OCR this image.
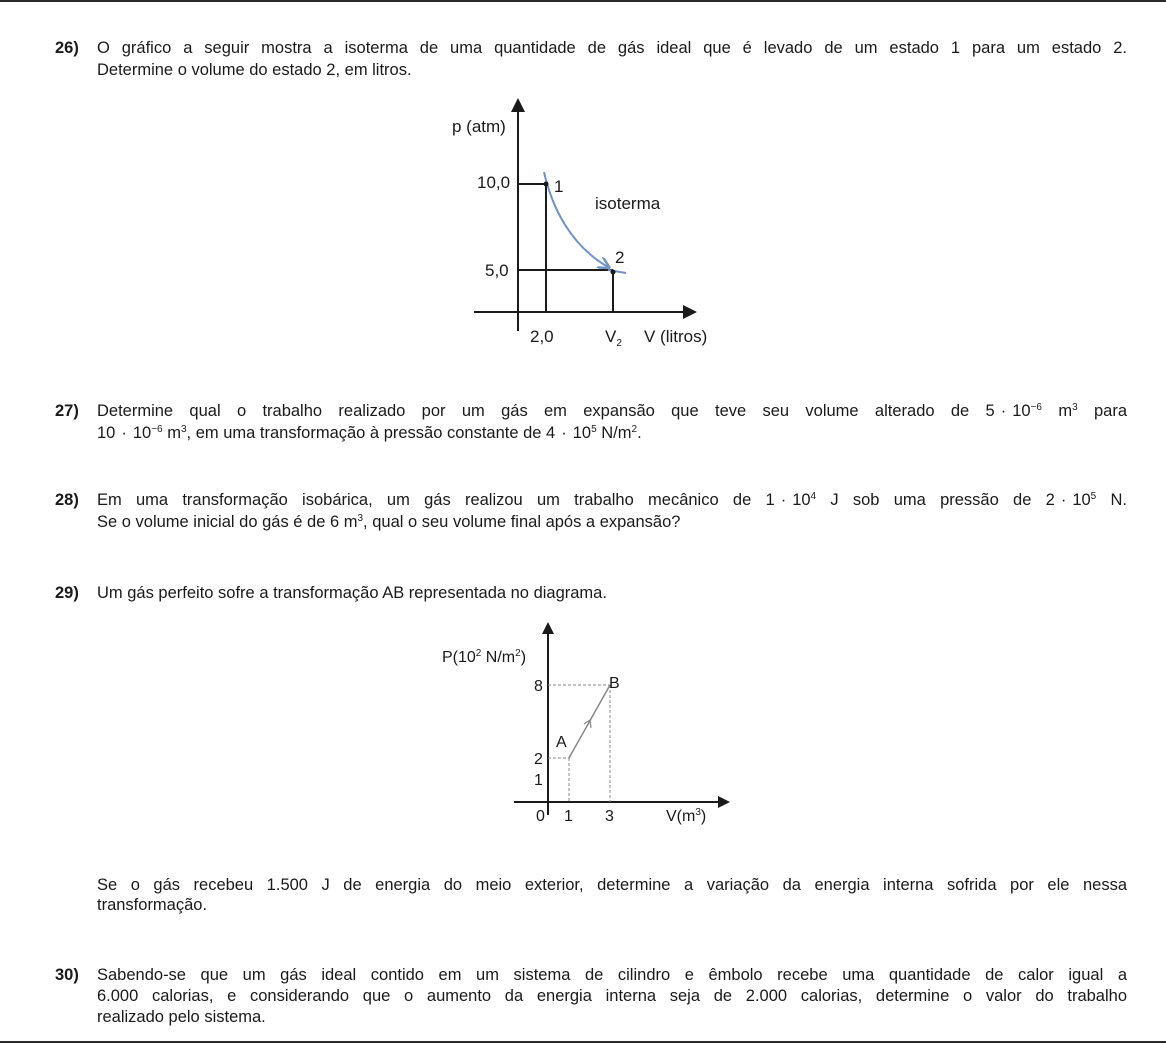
26) O gráfico a seguir mostra a isoterma de uma quantidade de gás ideal que é levado de um estado 1 para um estado 2.
Determine o volume do estado 2, em litros.
p (atm)
10,0
5,0
2,0	$V_2$ V (litros)
1
2
isoterma
27) Determine qual o trabalho realizado por um gás em expansão que teve seu volume alterado de $5 \cdot 10^{-6}$ $m^3$ para
$10 \cdot 10^{-6}$ $m^3$, em uma transformação à pressão constante de $4 \cdot 10^5$ $N/m^2$.
28) Em uma transformação isobárica, um gás realizou um trabalho mecânico de $1 \cdot 10^4$ J sob uma pressão de $2 \cdot 10^5$ N.
Se o volume inicial do gás é de 6 $m^3$, qual o seu volume final após a expansão?
29) Um gás perfeito sofre a transformação AB representada no diagrama.
$P(10^2$ $N/m^2$)
8
2
1
0 1 3	$V(m^3)$
A
B
Se o gás recebeu 1.500 J de energia do meio exterior, determine a variação da energia interna sofrida por ele nessa
transformação.
30) Sabendo-se que um gás ideal contido em um sistema de cilindro e êmbolo recebe uma quantidade de calor igual a
6.000 calorias, e considerando que o aumento da energia interna seja de 2.000 calorias, determine o valor do trabalho
realizado pelo sistema.
